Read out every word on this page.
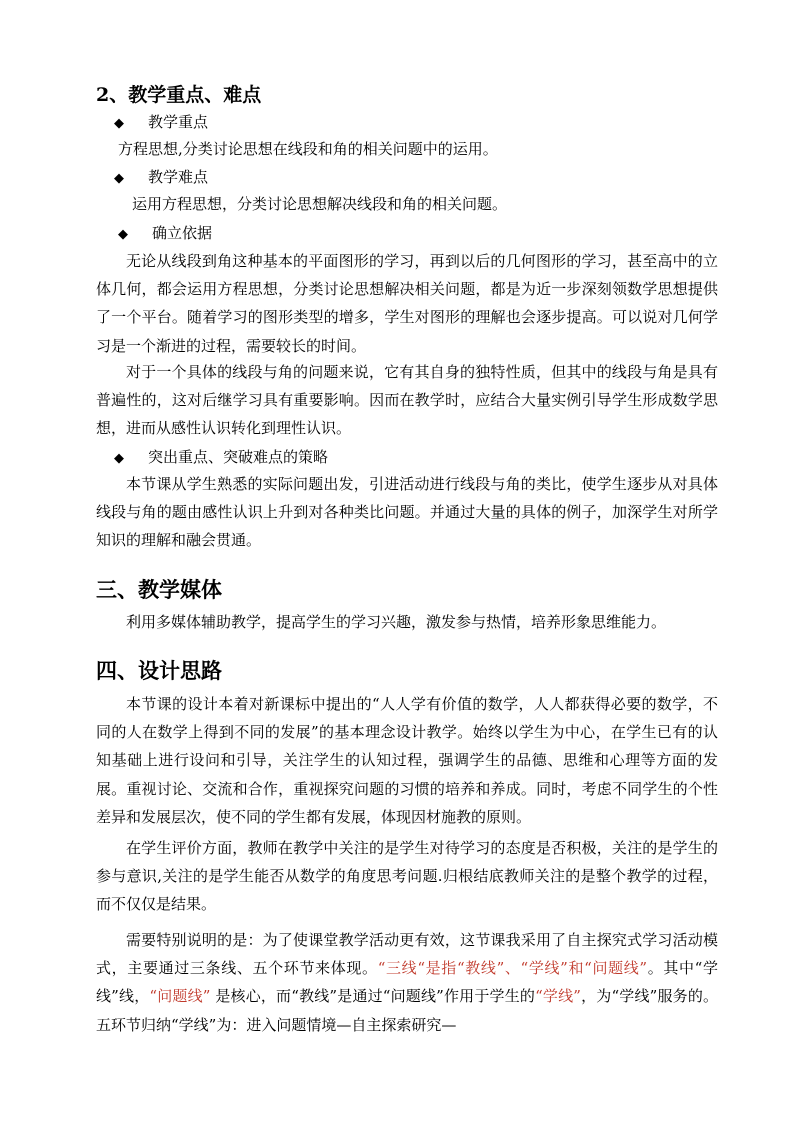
2、教学重点、难点
◆ 教学重点
方程思想,分类讨论思想在线段和角的相关问题中的运用。
◆ 教学难点
运用方程思想，分类讨论思想解决线段和角的相关问题。
◆ 确立依据
无论从线段到角这种基本的平面图形的学习，再到以后的几何图形的学习，甚至高中的立体几何，都会运用方程思想，分类讨论思想解决相关问题，都是为近一步深刻领数学思想提供了一个平台。随着学习的图形类型的增多，学生对图形的理解也会逐步提高。可以说对几何学习是一个渐进的过程，需要较长的时间。
对于一个具体的线段与角的问题来说，它有其自身的独特性质，但其中的线段与角是具有普遍性的，这对后继学习具有重要影响。因而在教学时，应结合大量实例引导学生形成数学思想，进而从感性认识转化到理性认识。
◆ 突出重点、突破难点的策略
本节课从学生熟悉的实际问题出发，引进活动进行线段与角的类比，使学生逐步从对具体线段与角的题由感性认识上升到对各种类比问题。并通过大量的具体的例子，加深学生对所学知识的理解和融会贯通。
三、教学媒体
利用多媒体辅助教学，提高学生的学习兴趣，激发参与热情，培养形象思维能力。
四、设计思路
本节课的设计本着对新课标中提出的“人人学有价值的数学，人人都获得必要的数学，不同的人在数学上得到不同的发展”的基本理念设计教学。始终以学生为中心，在学生已有的认知基础上进行设问和引导，关注学生的认知过程，强调学生的品德、思维和心理等方面的发展。重视讨论、交流和合作，重视探究问题的习惯的培养和养成。同时，考虑不同学生的个性差异和发展层次，使不同的学生都有发展，体现因材施教的原则。
在学生评价方面，教师在教学中关注的是学生对待学习的态度是否积极，关注的是学生的参与意识,关注的是学生能否从数学的角度思考问题.归根结底教师关注的是整个教学的过程，而不仅仅是结果。
需要特别说明的是：为了使课堂教学活动更有效，这节课我采用了自主探究式学习活动模式，主要通过三条线、五个环节来体现。“三线“是指“教线”、“学线”和“问题线”。其中“学线”线，“问题线” 是核心，而“教线”是通过“问题线”作用于学生的“学线”，为“学线”服务的。五环节归纳“学线”为：进入问题情境—自主探索研究—
